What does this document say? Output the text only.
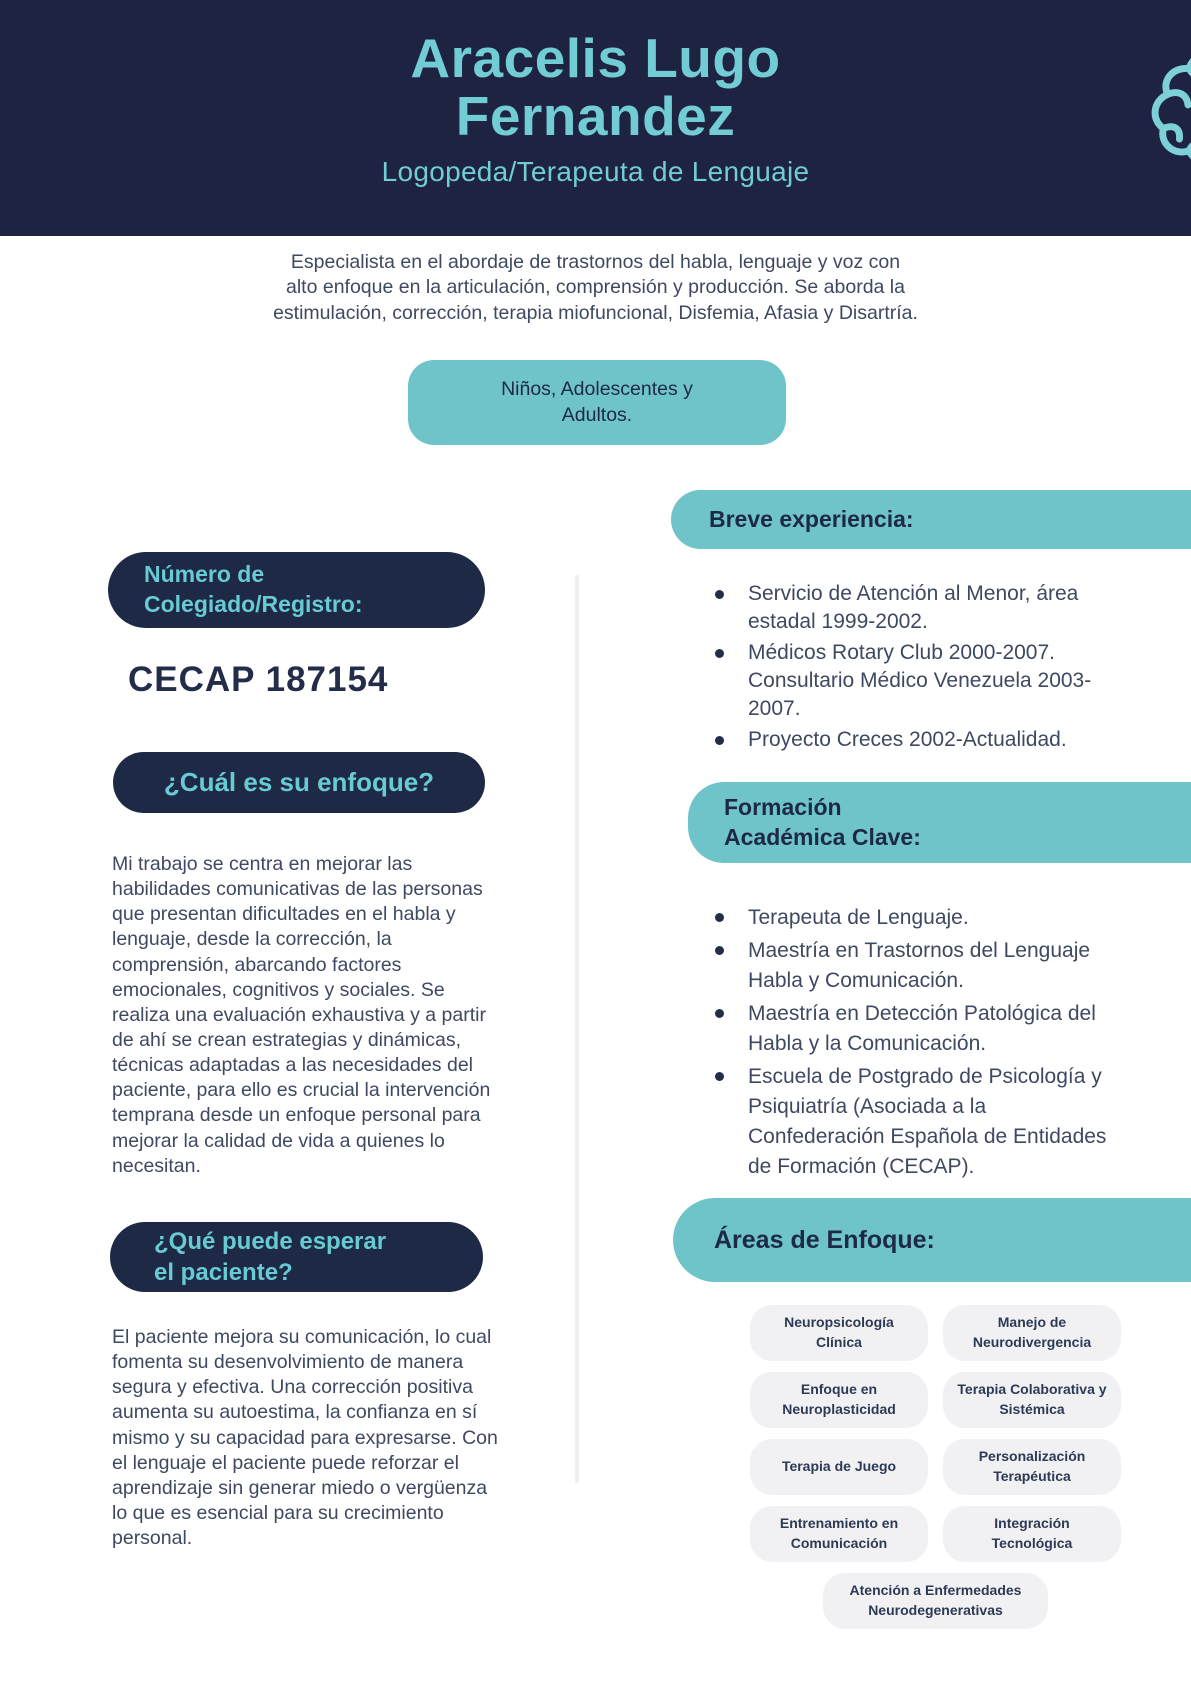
Aracelis Lugo Fernandez
Logopeda/Terapeuta de Lenguaje
Especialista en el abordaje de trastornos del habla, lenguaje y voz con alto enfoque en la articulación, comprensión y producción. Se aborda la estimulación, corrección, terapia miofuncional, Disfemia, Afasia y Disartría.
Niños, Adolescentes y Adultos.
Número de
Colegiado/Registro:
CECAP 187154
¿Cuál es su enfoque?
Mi trabajo se centra en mejorar las habilidades comunicativas de las personas que presentan dificultades en el habla y lenguaje, desde la corrección, la comprensión, abarcando factores emocionales, cognitivos y sociales. Se realiza una evaluación exhaustiva y a partir de ahí se crean estrategias y dinámicas, técnicas adaptadas a las necesidades del paciente, para ello es crucial la intervención temprana desde un enfoque personal para mejorar la calidad de vida a quienes lo necesitan.
¿Qué puede esperar
el paciente?
El paciente mejora su comunicación, lo cual fomenta su desenvolvimiento de manera segura y efectiva. Una corrección positiva aumenta su autoestima, la confianza en sí mismo y su capacidad para expresarse. Con el lenguaje el paciente puede reforzar el aprendizaje sin generar miedo o vergüenza lo que es esencial para su crecimiento personal.
Breve experiencia:
Servicio de Atención al Menor, área estadal 1999-2002.
Médicos Rotary Club 2000-2007. Consultario Médico Venezuela 2003-2007.
Proyecto Creces 2002-Actualidad.
Formación
Académica Clave:
Terapeuta de Lenguaje.
Maestría en Trastornos del Lenguaje Habla y Comunicación.
Maestría en Detección Patológica del Habla y la Comunicación.
Escuela de Postgrado de Psicología y Psiquiatría (Asociada a la Confederación Española de Entidades de Formación (CECAP).
Áreas de Enfoque:
Neuropsicología Clínica
Manejo de Neurodivergencia
Enfoque en Neuroplasticidad
Terapia Colaborativa y Sistémica
Terapia de Juego
Personalización Terapéutica
Entrenamiento en Comunicación
Integración Tecnológica
Atención a Enfermedades Neurodegenerativas
